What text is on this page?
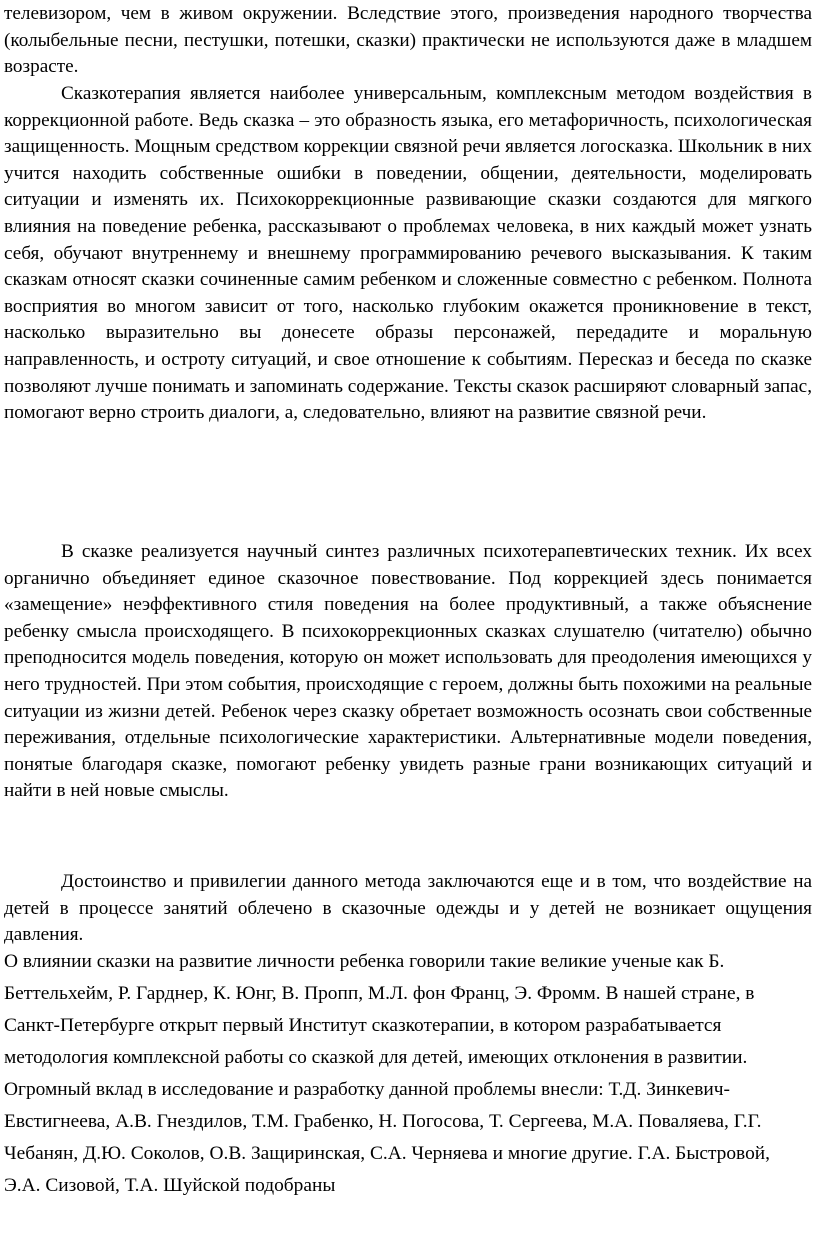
телевизором, чем в живом окружении. Вследствие этого, произведения народного творчества (колыбельные песни, пестушки, потешки, сказки) практически не используются даже в младшем возрасте.

Сказкотерапия является наиболее универсальным, комплексным методом воздействия в коррекционной работе. Ведь сказка – это образность языка, его метафоричность, психологическая защищенность. Мощным средством коррекции связной речи является логосказка. Школьник в них учится находить собственные ошибки в поведении, общении, деятельности, моделировать ситуации и изменять их. Психокоррекционные развивающие сказки создаются для мягкого влияния на поведение ребенка, рассказывают о проблемах человека, в них каждый может узнать себя, обучают внутреннему и внешнему программированию речевого высказывания. К таким сказкам относят сказки сочиненные самим ребенком и сложенные совместно с ребенком. Полнота восприятия во многом зависит от того, насколько глубоким окажется проникновение в текст, насколько выразительно вы донесете образы персонажей, передадите и моральную направленность, и остроту ситуаций, и свое отношение к событиям. Пересказ и беседа по сказке позволяют лучше понимать и запоминать содержание. Тексты сказок расширяют словарный запас, помогают верно строить диалоги, а, следовательно, влияют на развитие связной речи.

В сказке реализуется научный синтез различных психотерапевтических техник. Их всех органично объединяет единое сказочное повествование. Под коррекцией здесь понимается «замещение» неэффективного стиля поведения на более продуктивный, а также объяснение ребенку смысла происходящего. В психокоррекционных сказках слушателю (читателю) обычно преподносится модель поведения, которую он может использовать для преодоления имеющихся у него трудностей. При этом события, происходящие с героем, должны быть похожими на реальные ситуации из жизни детей. Ребенок через сказку обретает возможность осознать свои собственные переживания, отдельные психологические характеристики. Альтернативные модели поведения, понятые благодаря сказке, помогают ребенку увидеть разные грани возникающих ситуаций и найти в ней новые смыслы.

Достоинство и привилегии данного метода заключаются еще и в том, что воздействие на детей в процессе занятий облечено в сказочные одежды и у детей не возникает ощущения давления.

О влиянии сказки на развитие личности ребенка говорили такие великие ученые как Б. Беттельхейм, Р. Гарднер, К. Юнг, В. Пропп, М.Л. фон Франц, Э. Фромм. В нашей стране, в Санкт-Петербурге открыт первый Институт сказкотерапии, в котором разрабатывается методология комплексной работы со сказкой для детей, имеющих отклонения в развитии. Огромный вклад в исследование и разработку данной проблемы внесли: Т.Д. Зинкевич-Евстигнеева, А.В. Гнездилов, Т.М. Грабенко, Н. Погосова, Т. Сергеева, М.А. Поваляева, Г.Г. Чебанян, Д.Ю. Соколов, О.В. Защиринская, С.А. Черняева и многие другие. Г.А. Быстровой, Э.А. Сизовой, Т.А. Шуйской подобраны
